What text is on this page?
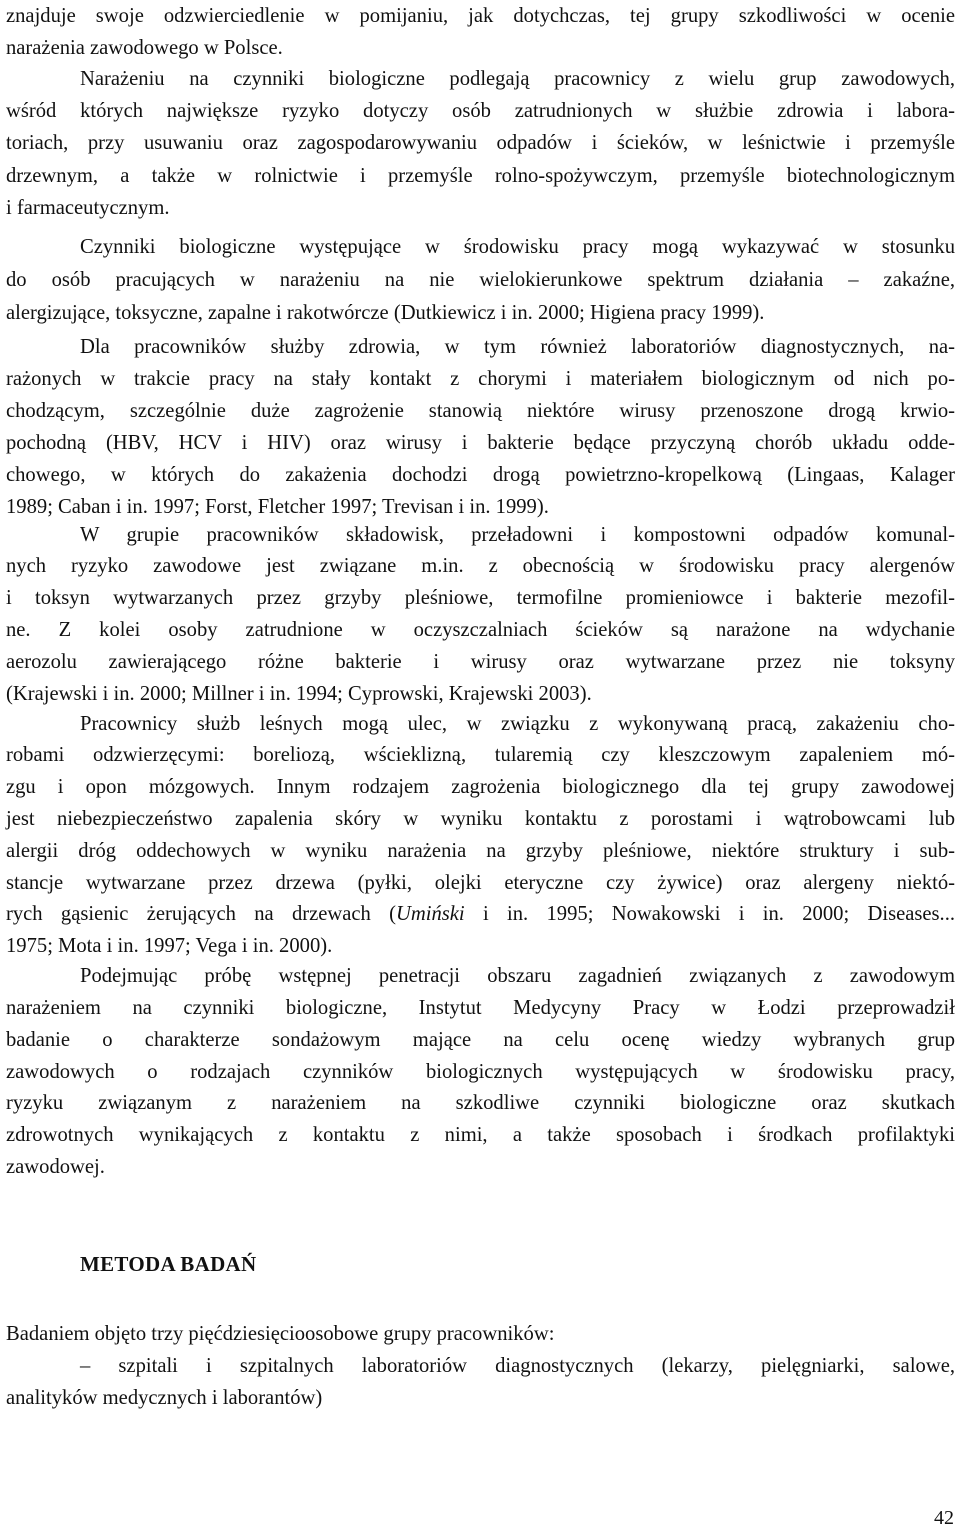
znajduje swoje odzwierciedlenie w pomijaniu, jak dotychczas, tej grupy szkodliwości w ocenie

narażenia zawodowego w Polsce.

Narażeniu na czynniki biologiczne podlegają pracownicy z wielu grup zawodowych,

wśród których największe ryzyko dotyczy osób zatrudnionych w służbie zdrowia i labora-

toriach, przy usuwaniu oraz zagospodarowywaniu odpadów i ścieków, w leśnictwie i przemyśle

drzewnym, a także w rolnictwie i przemyśle rolno-spożywczym, przemyśle biotechnologicznym

i farmaceutycznym.

Czynniki biologiczne występujące w środowisku pracy mogą wykazywać w stosunku

do osób pracujących w narażeniu na nie wielokierunkowe spektrum działania – zakaźne,

alergizujące, toksyczne, zapalne i rakotwórcze (Dutkiewicz i in. 2000; Higiena pracy 1999).

Dla pracowników służby zdrowia, w tym również laboratoriów diagnostycznych, na-

rażonych w trakcie pracy na stały kontakt z chorymi i materiałem biologicznym od nich po-

chodzącym, szczególnie duże zagrożenie stanowią niektóre wirusy przenoszone drogą krwio-

pochodną (HBV, HCV i HIV) oraz wirusy i bakterie będące przyczyną chorób układu odde-

chowego, w których do zakażenia dochodzi drogą powietrzno-kropelkową (Lingaas, Kalager

1989; Caban i in. 1997; Forst, Fletcher 1997; Trevisan i in. 1999).

W grupie pracowników składowisk, przeładowni i kompostowni odpadów komunal-

nych ryzyko zawodowe jest związane m.in. z obecnością w środowisku pracy alergenów

i toksyn wytwarzanych przez grzyby pleśniowe, termofilne promieniowce i bakterie mezofil-

ne. Z kolei osoby zatrudnione w oczyszczalniach ścieków są narażone na wdychanie

aerozolu zawierającego różne bakterie i wirusy oraz wytwarzane przez nie toksyny

(Krajewski i in. 2000; Millner i in. 1994; Cyprowski, Krajewski 2003).

Pracownicy służb leśnych mogą ulec, w związku z wykonywaną pracą, zakażeniu cho-

robami odzwierzęcymi: boreliozą, wścieklizną, tularemią czy kleszczowym zapaleniem mó-

zgu i opon mózgowych. Innym rodzajem zagrożenia biologicznego dla tej grupy zawodowej

jest niebezpieczeństwo zapalenia skóry w wyniku kontaktu z porostami i wątrobowcami lub

alergii dróg oddechowych w wyniku narażenia na grzyby pleśniowe, niektóre struktury i sub-

stancje wytwarzane przez drzewa (pyłki, olejki eteryczne czy żywice) oraz alergeny niektó-

rych gąsienic żerujących na drzewach (Umiński i in. 1995; Nowakowski i in. 2000; Diseases...

1975; Mota i in. 1997; Vega i in. 2000).

Podejmując próbę wstępnej penetracji obszaru zagadnień związanych z zawodowym

narażeniem na czynniki biologiczne, Instytut Medycyny Pracy w Łodzi przeprowadził

badanie o charakterze sondażowym mające na celu ocenę wiedzy wybranych grup

zawodowych o rodzajach czynników biologicznych występujących w środowisku pracy,

ryzyku związanym z narażeniem na szkodliwe czynniki biologiczne oraz skutkach

zdrowotnych wynikających z kontaktu z nimi, a także sposobach i środkach profilaktyki

zawodowej.

METODA BADAŃ

Badaniem objęto trzy pięćdziesięcioosobowe grupy pracowników:

– szpitali i szpitalnych laboratoriów diagnostycznych (lekarzy, pielęgniarki, salowe,

analityków medycznych i laborantów)

42
